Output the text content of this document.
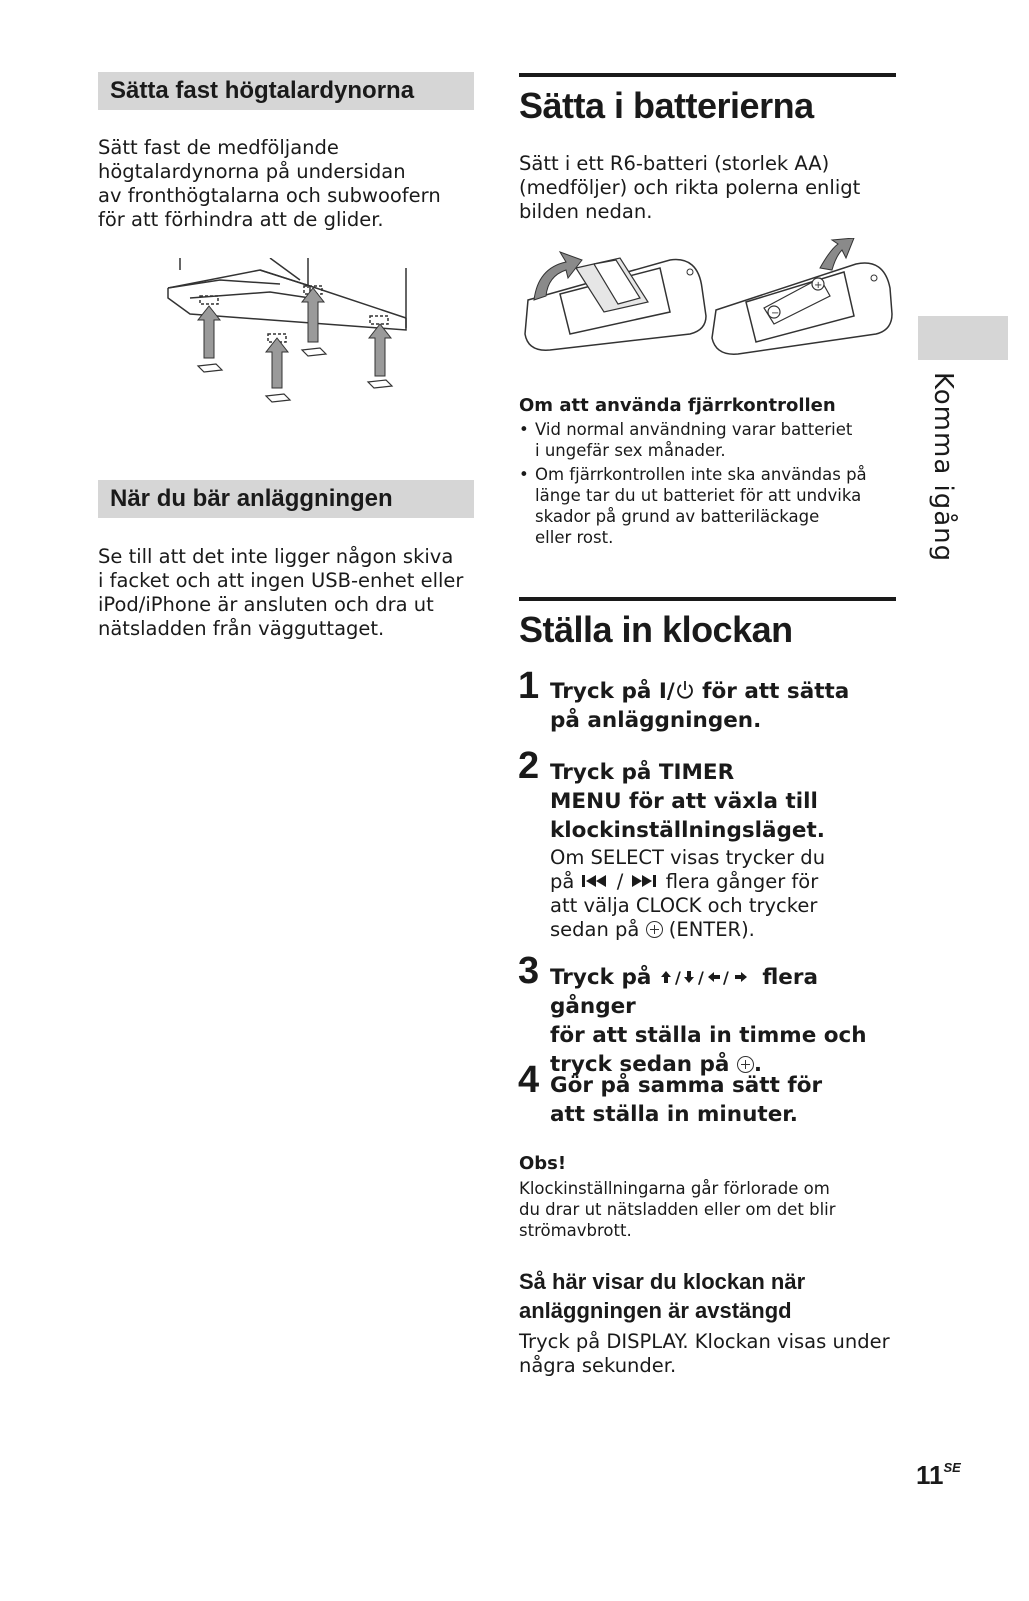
Sätta fast högtalardynorna
Sätt fast de medföljande
högtalardynorna på undersidan
av fronthögtalarna och subwoofern
för att förhindra att de glider.
När du bär anläggningen
Se till att det inte ligger någon skiva
i facket och att ingen USB-enhet eller
iPod/iPhone är ansluten och dra ut
nätsladden från vägguttaget.
Sätta i batterierna
Sätt i ett R6-batteri (storlek AA)
(medföljer) och rikta polerna enligt
bilden nedan.
−
+
Om att använda fjärrkontrollen
• Vid normal användning varar batteriet
i ungefär sex månader.
• Om fjärrkontrollen inte ska användas på
länge tar du ut batteriet för att undvika
skador på grund av batteriläckage
eller rost.
Ställa in klockan
1 Tryck på I/ för att sätta
på anläggningen.
2 Tryck på TIMER
MENU för att växla till
klockinställningsläget.
Om SELECT visas trycker du
på  /  flera gånger för
att välja CLOCK och trycker
sedan på  (ENTER).
3 Tryck på / / / flera gånger
för att ställa in timme och
tryck sedan på .
4 Gör på samma sätt för
att ställa in minuter.
Obs!
Klockinställningarna går förlorade om
du drar ut nätsladden eller om det blir
strömavbrott.
Så här visar du klockan när
anläggningen är avstängd
Tryck på DISPLAY. Klockan visas under
några sekunder.
Komma igång
$11^{SE}$
